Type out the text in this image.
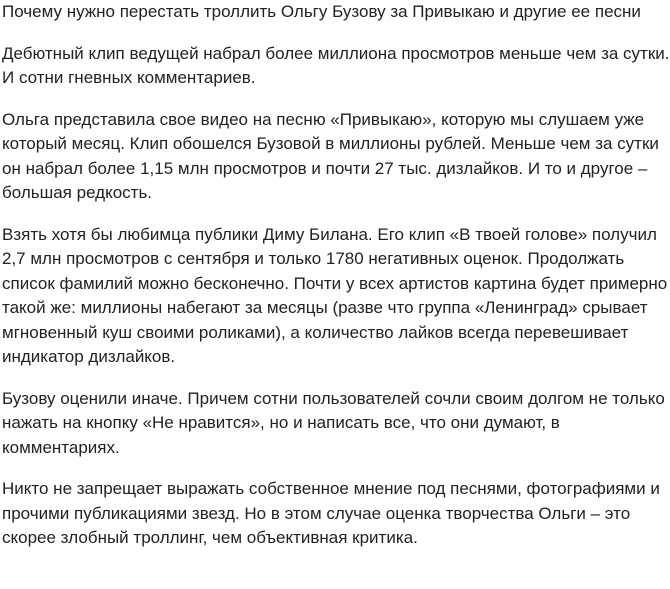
Почему нужно перестать троллить Ольгу Бузову за Привыкаю и другие ее песни

Дебютный клип ведущей набрал более миллиона просмотров меньше чем за сутки. И сотни гневных комментариев.

Ольга представила свое видео на песню «Привыкаю», которую мы слушаем уже который месяц. Клип обошелся Бузовой в миллионы рублей. Меньше чем за сутки он набрал более 1,15 млн просмотров и почти 27 тыс. дизлайков. И то и другое – большая редкость.

Взять хотя бы любимца публики Диму Билана. Его клип «В твоей голове» получил 2,7 млн просмотров с сентября и только 1780 негативных оценок. Продолжать список фамилий можно бесконечно. Почти у всех артистов картина будет примерно такой же: миллионы набегают за месяцы (разве что группа «Ленинград» срывает мгновенный куш своими роликами), а количество лайков всегда перевешивает индикатор дизлайков.

Бузову оценили иначе. Причем сотни пользователей сочли своим долгом не только нажать на кнопку «Не нравится», но и написать все, что они думают, в комментариях.

Никто не запрещает выражать собственное мнение под песнями, фотографиями и прочими публикациями звезд. Но в этом случае оценка творчества Ольги – это скорее злобный троллинг, чем объективная критика.
